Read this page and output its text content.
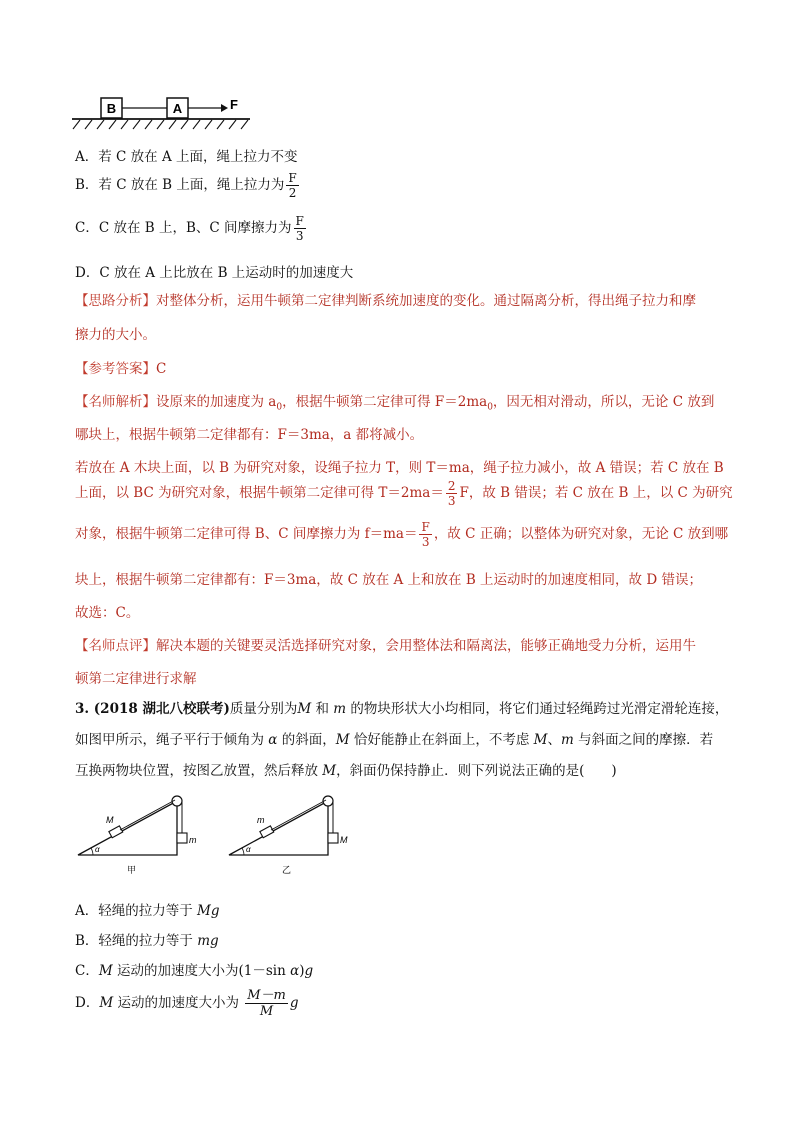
B	A	F
A．若 C 放在 A 上面，绳上拉力不变
B．若 C 放在 B 上面，绳上拉力为 $\frac{F}{2}$
C．C 放在 B 上，B、C 间摩擦力为 $\frac{F}{3}$
D．C 放在 A 上比放在 B 上运动时的加速度大
【思路分析】对整体分析，运用牛顿第二定律判断系统加速度的变化。通过隔离分析，得出绳子拉力和摩
擦力的大小。
【参考答案】C
【名师解析】设原来的加速度为 $a_0$，根据牛顿第二定律可得 $F=2ma_0$，因无相对滑动，所以，无论 C 放到
哪块上，根据牛顿第二定律都有：F＝3ma，a 都将减小。
若放在 A 木块上面，以 B 为研究对象，设绳子拉力 T，则 T＝ma，绳子拉力减小，故 A 错误；若 C 放在 B
上面，以 BC 为研究对象，根据牛顿第二定律可得 $T=2ma= \frac{2}{3}$ F，故 B 错误；若 C 放在 B 上，以 C 为研究
对象，根据牛顿第二定律可得 B、C 间摩擦力为 $f=ma= \frac{F}{3}$ ，故 C 正确；以整体为研究对象，无论 C 放到哪
块上，根据牛顿第二定律都有：F＝3ma，故 C 放在 A 上和放在 B 上运动时的加速度相同，故 D 错误；
故选：C。
【名师点评】解决本题的关键要灵活选择研究对象，会用整体法和隔离法，能够正确地受力分析，运用牛
顿第二定律进行求解
3. (2018 湖北八校联考)质量分别为M 和 m 的物块形状大小均相同，将它们通过轻绳跨过光滑定滑轮连接，
如图甲所示，绳子平行于倾角为 α 的斜面，M 恰好能静止在斜面上，不考虑 M、m 与斜面之间的摩擦．若
互换两物块位置，按图乙放置，然后释放 M，斜面仍保持静止．则下列说法正确的是(　　)
m
M
α
甲
M
m
α
乙
A．轻绳的拉力等于 Mg
B．轻绳的拉力等于 mg
C．M 运动的加速度大小为(1－sin α)g
D．M 运动的加速度大小为 $\frac{M-m}{M}$ g
